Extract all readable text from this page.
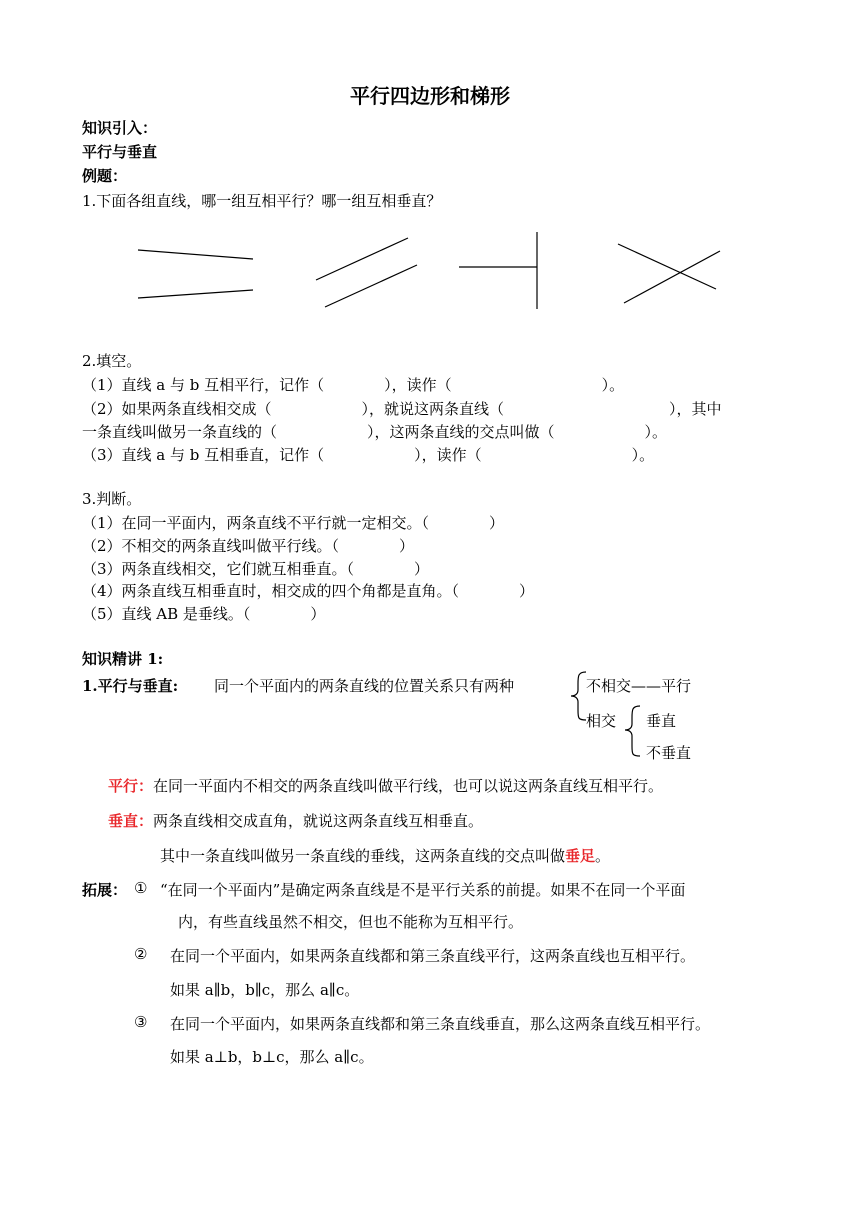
平行四边形和梯形
知识引入：
平行与垂直
例题：
1.下面各组直线，哪一组互相平行？哪一组互相垂直？
2.填空。
（1）直线 a 与 b 互相平行，记作（　　　　），读作（　　　　　　　　　　）。
（2）如果两条直线相交成（　　　　　　），就说这两条直线（　　　　　　　　　　　），其中
一条直线叫做另一条直线的（　　　　　　），这两条直线的交点叫做（　　　　　　）。
（3）直线 a 与 b 互相垂直，记作（　　　　　　），读作（　　　　　　　　　　）。
3.判断。
（1）在同一平面内，两条直线不平行就一定相交。（　　　　）
（2）不相交的两条直线叫做平行线。（　　　　）
（3）两条直线相交，它们就互相垂直。（　　　　）
（4）两条直线互相垂直时，相交成的四个角都是直角。（　　　　）
（5）直线 AB 是垂线。（　　　　）
知识精讲 1:
1.平行与垂直: 同一个平面内的两条直线的位置关系只有两种	不相交——平行
相交 垂直
不垂直
平行：在同一平面内不相交的两条直线叫做平行线，也可以说这两条直线互相平行。
垂直：两条直线相交成直角，就说这两条直线互相垂直。
其中一条直线叫做另一条直线的垂线，这两条直线的交点叫做垂足。
拓展： ① “在同一个平面内”是确定两条直线是不是平行关系的前提。如果不在同一个平面
内，有些直线虽然不相交，但也不能称为互相平行。
② 在同一个平面内，如果两条直线都和第三条直线平行，这两条直线也互相平行。
如果 a∥b，b∥c，那么 a∥c。
③ 在同一个平面内，如果两条直线都和第三条直线垂直，那么这两条直线互相平行。
如果 a⊥b，b⊥c，那么 a∥c。
